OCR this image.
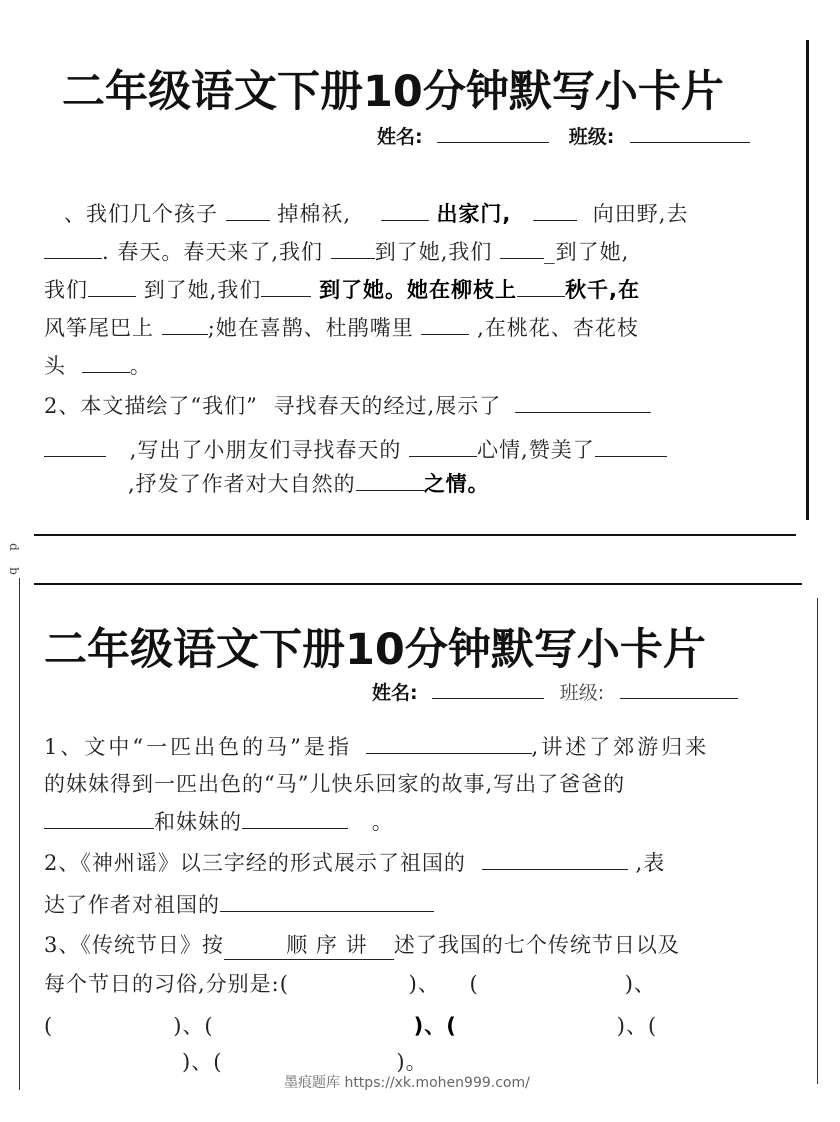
二年级语文下册10分钟默写小卡片
姓名:	班级:
、我们几个孩子	掉棉袄,	出家门,	向田野,去
. 春天。春天来了,我们 到了她,我们 _到了她,
我们	到了她,我们	到了她。她在柳枝上 秋千,在
风筝尾巴上	;她在喜鹊、杜鹃嘴里	,在桃花、杏花枝
头	。
2、本文描绘了“我们” 寻找春天的经过,展示了
,写出了小朋友们寻找春天的	心情,赞美了
,抒发了作者对大自然的	之情。
d
b
二年级语文下册10分钟默写小卡片
姓名:	班级:
1、文中“一匹出色的马”是指	,讲述了郊游归来
的妹妹得到一匹出色的“马”儿快乐回家的故事,写出了爸爸的
和妹妹的	。
2、《神州谣》以三字经的形式展示了祖国的	,表
达了作者对祖国的
3、《传统节日》按	顺 序 讲 述了我国的七个传统节日以及
每个节日的习俗,分别是:(	)、 (	)、
(	)、(	)、(	)、(
)、(	)。
墨痕题库 https://xk.mohen999.com/
